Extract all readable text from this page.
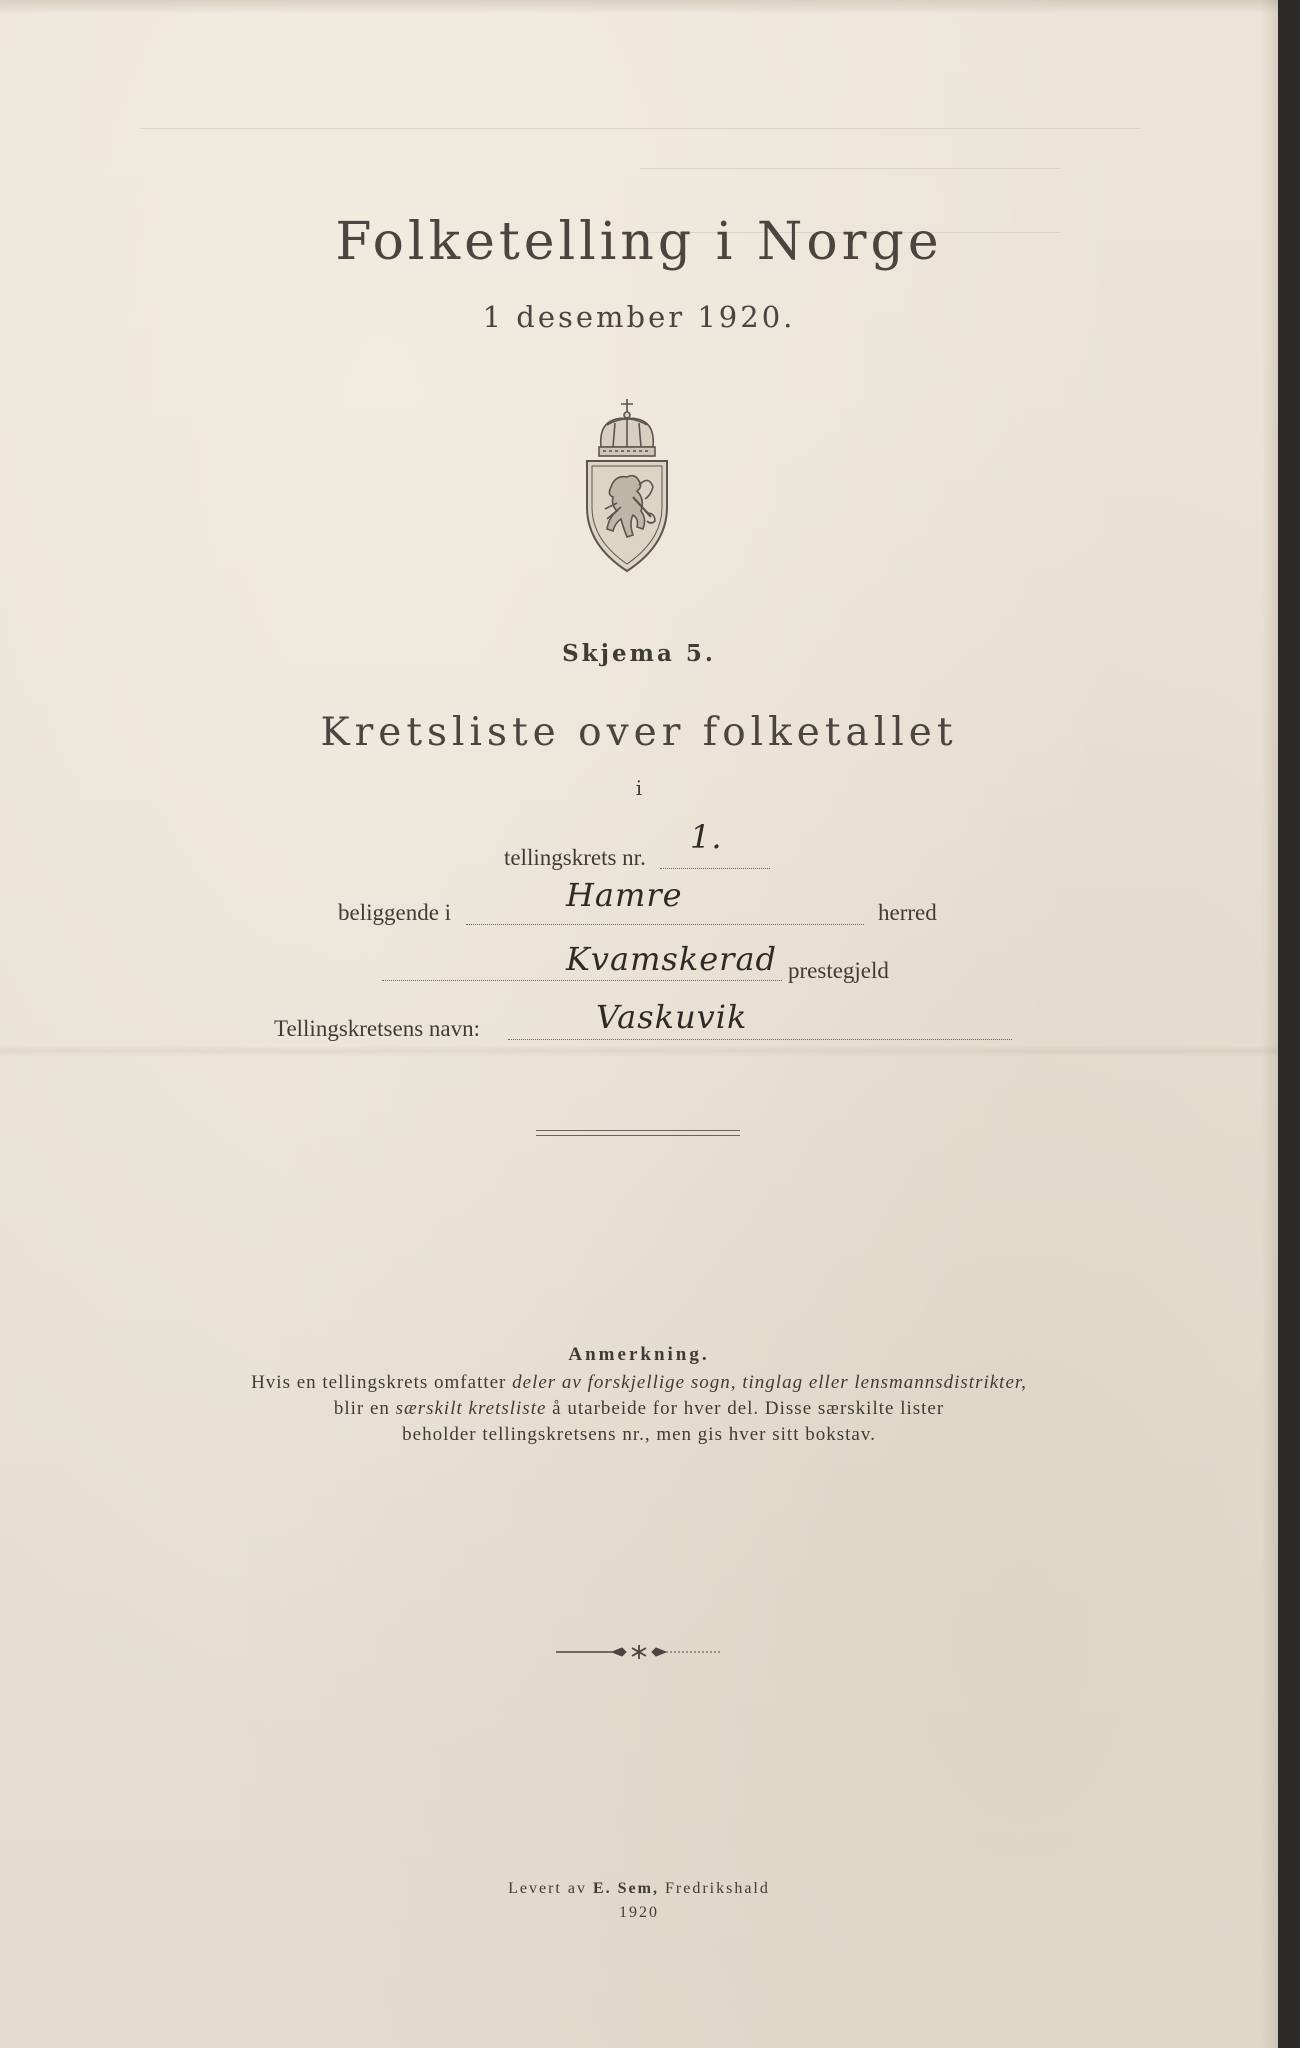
Folketelling i Norge
1 desember 1920.
Skjema 5.
Kretsliste over folketallet
i
tellingskrets nr.
1.
beliggende i	Hamre	herred
Kvamskerad prestegjeld
Tellingskretsens navn:	Vaskuvik
Anmerkning.
Hvis en tellingskrets omfatter deler av forskjellige sogn, tinglag eller lensmannsdistrikter,
blir en særskilt kretsliste å utarbeide for hver del. Disse særskilte lister
beholder tellingskretsens nr., men gis hver sitt bokstav.
Levert av E. Sem, Fredrikshald
1920
